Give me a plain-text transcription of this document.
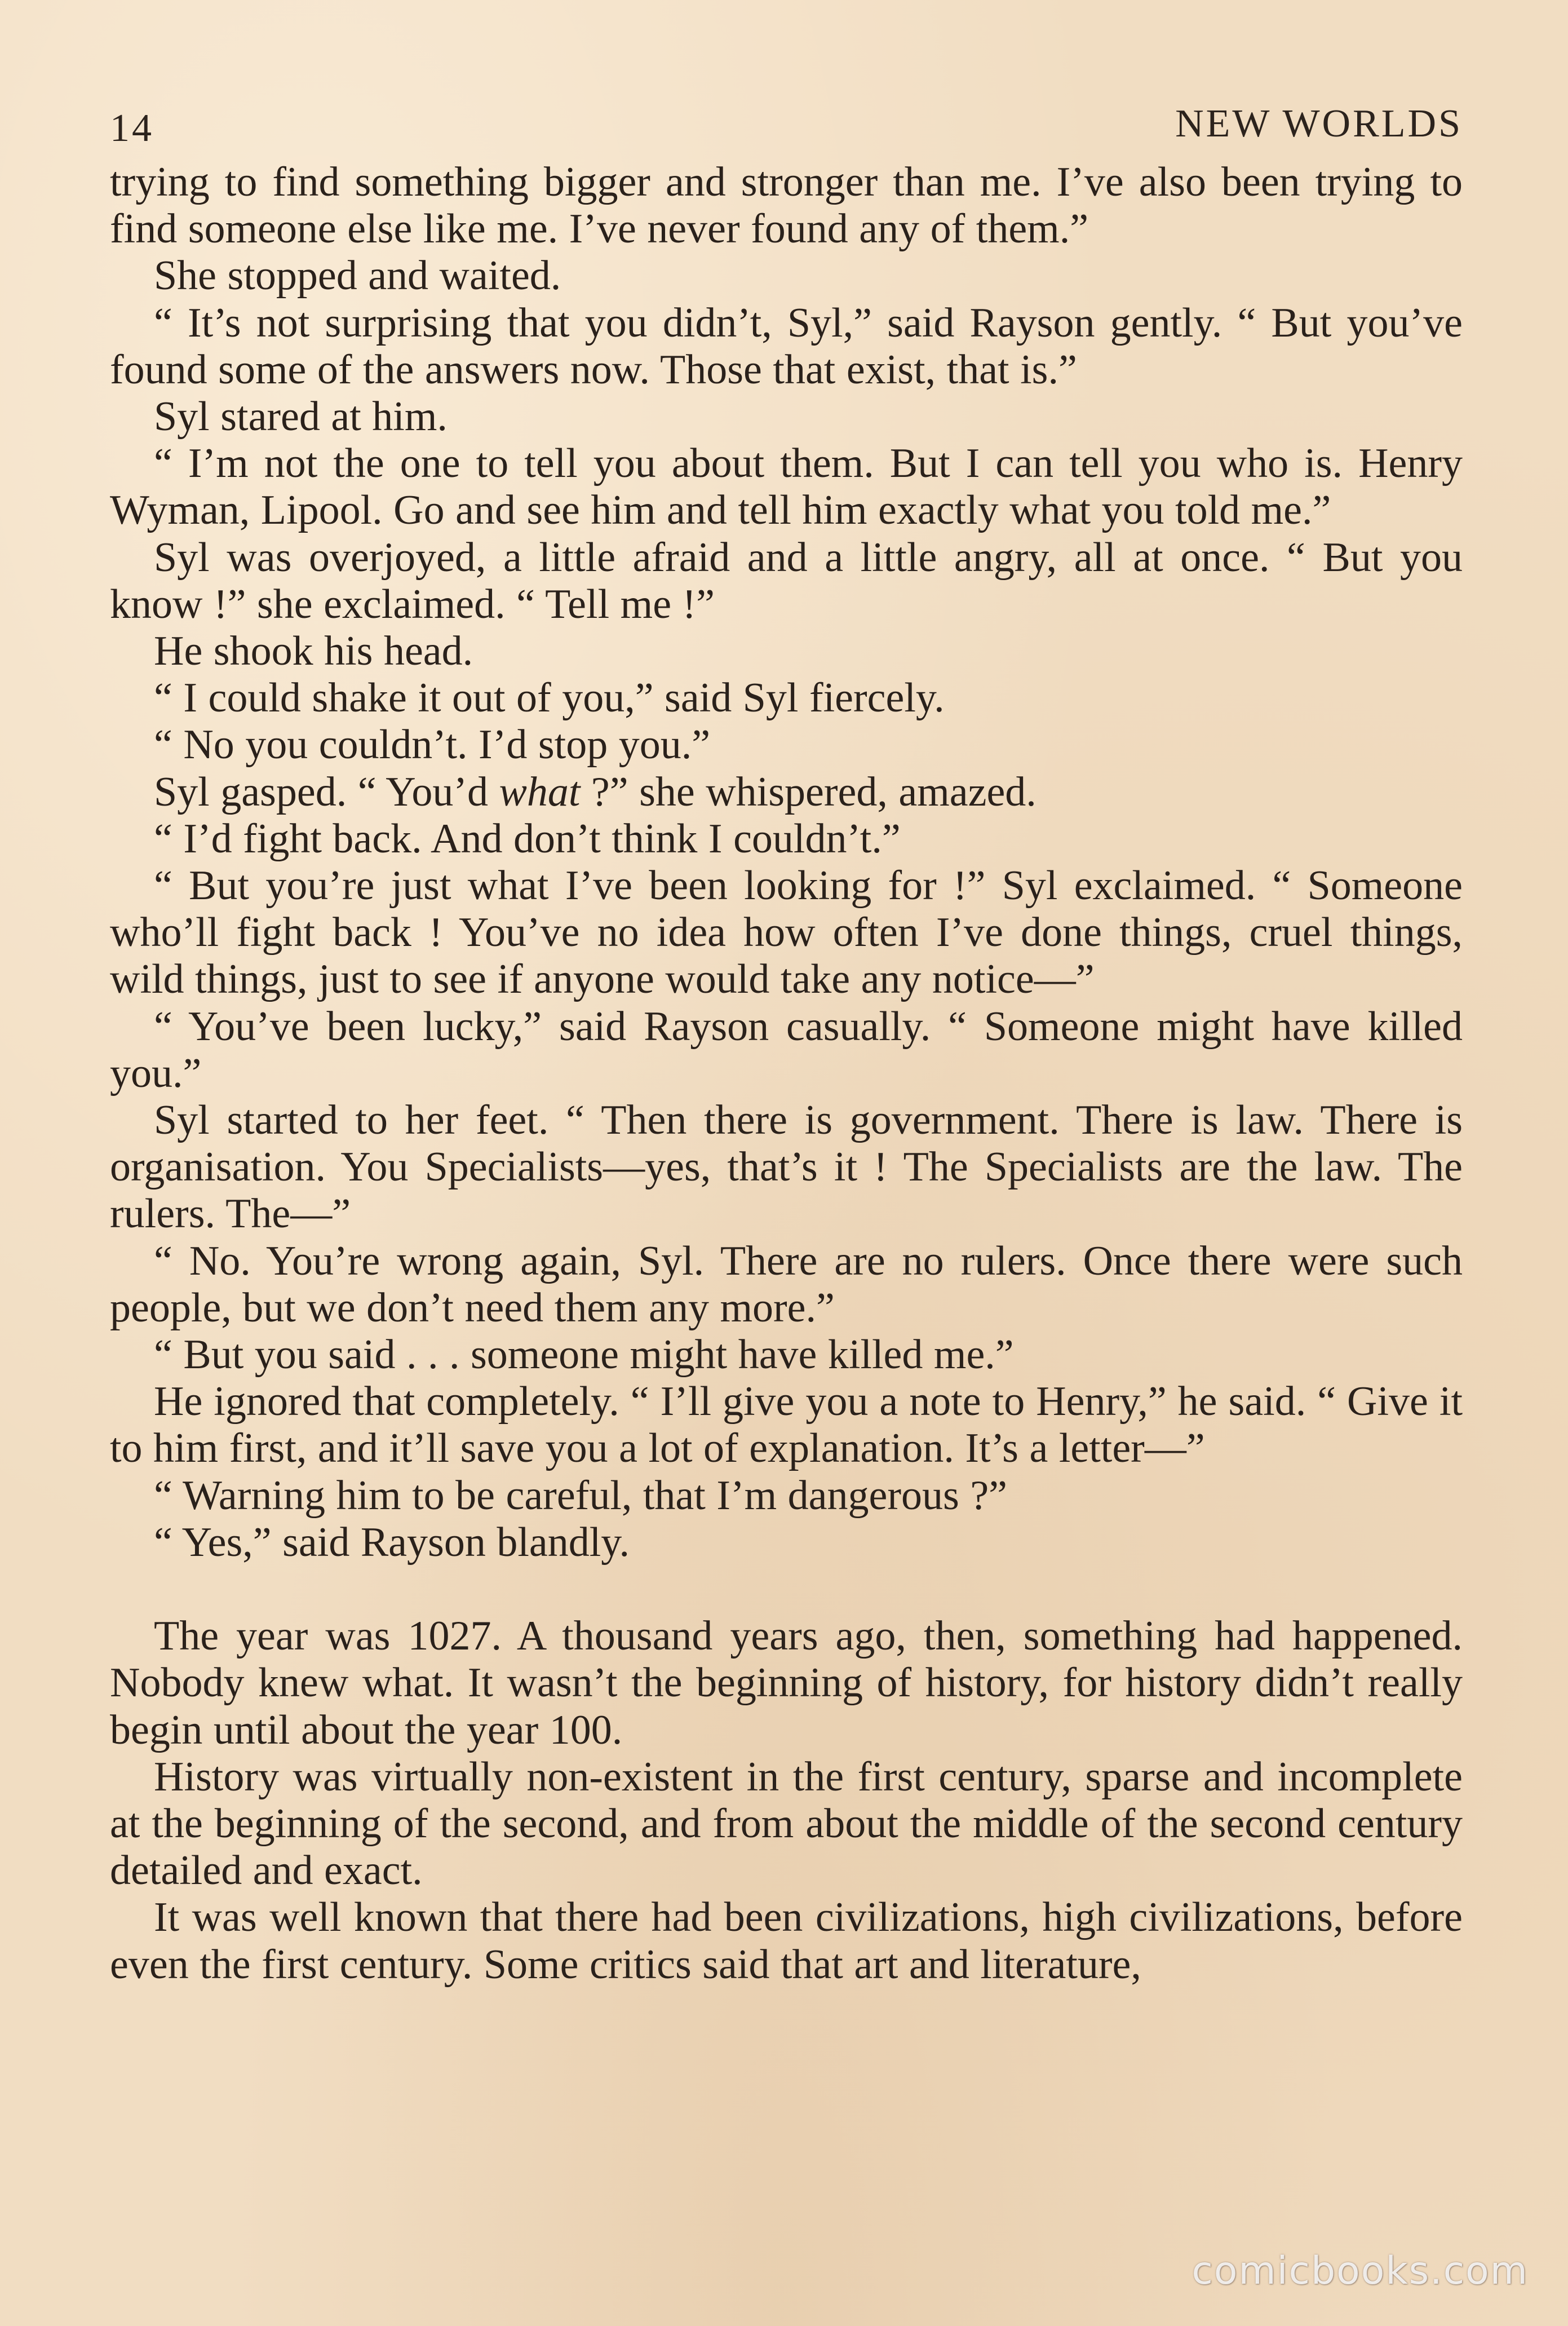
14	NEW WORLDS

trying to find something bigger and stronger than me. I’ve also been trying to find someone else like me. I’ve never found any of them.”

She stopped and waited.

“ It’s not surprising that you didn’t, Syl,” said Rayson gently. “ But you’ve found some of the answers now. Those that exist, that is.”

Syl stared at him.

“ I’m not the one to tell you about them. But I can tell you who is. Henry Wyman, Lipool. Go and see him and tell him exactly what you told me.”

Syl was overjoyed, a little afraid and a little angry, all at once. “ But you know !” she exclaimed. “ Tell me !”

He shook his head.

“ I could shake it out of you,” said Syl fiercely.

“ No you couldn’t. I’d stop you.”

Syl gasped. “ You’d what ?” she whispered, amazed.

“ I’d fight back. And don’t think I couldn’t.”

“ But you’re just what I’ve been looking for !” Syl exclaimed. “ Someone who’ll fight back ! You’ve no idea how often I’ve done things, cruel things, wild things, just to see if anyone would take any notice—”

“ You’ve been lucky,” said Rayson casually. “ Someone might have killed you.”

Syl started to her feet. “ Then there is government. There is law. There is organisation. You Specialists—yes, that’s it ! The Specialists are the law. The rulers. The—”

“ No. You’re wrong again, Syl. There are no rulers. Once there were such people, but we don’t need them any more.”

“ But you said . . . someone might have killed me.”

He ignored that completely. “ I’ll give you a note to Henry,” he said. “ Give it to him first, and it’ll save you a lot of explanation. It’s a letter—”

“ Warning him to be careful, that I’m dangerous ?”

“ Yes,” said Rayson blandly.

The year was 1027. A thousand years ago, then, something had happened. Nobody knew what. It wasn’t the beginning of history, for history didn’t really begin until about the year 100.

History was virtually non-existent in the first century, sparse and incomplete at the beginning of the second, and from about the middle of the second century detailed and exact.

It was well known that there had been civilizations, high civilizations, before even the first century. Some critics said that art and literature,

comicbooks.com
